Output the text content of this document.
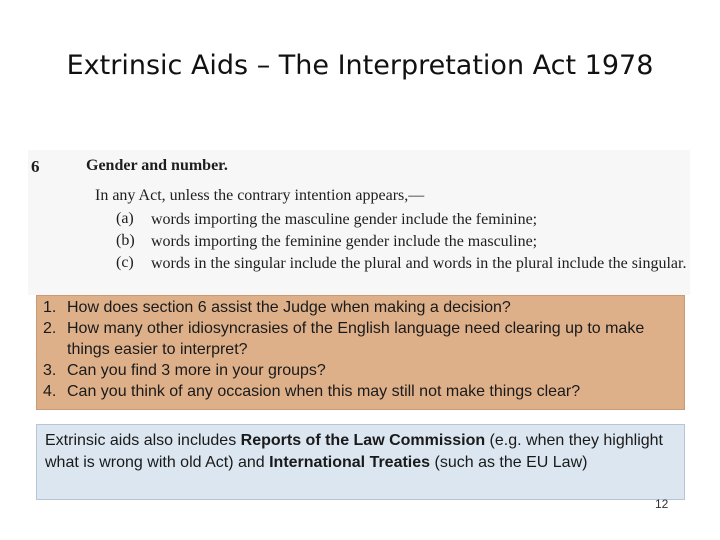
Extrinsic Aids – The Interpretation Act 1978
6	Gender and number.
In any Act, unless the contrary intention appears,—
(a) words importing the masculine gender include the feminine;
(b) words importing the feminine gender include the masculine;
(c) words in the singular include the plural and words in the plural include the singular.
1. How does section 6 assist the Judge when making a decision?
2. How many other idiosyncrasies of the English language need clearing up to make things easier to interpret?
3. Can you find 3 more in your groups?
4. Can you think of any occasion when this may still not make things clear?
Extrinsic aids also includes Reports of the Law Commission (e.g. when they highlight what is wrong with old Act) and International Treaties (such as the EU Law)
12
